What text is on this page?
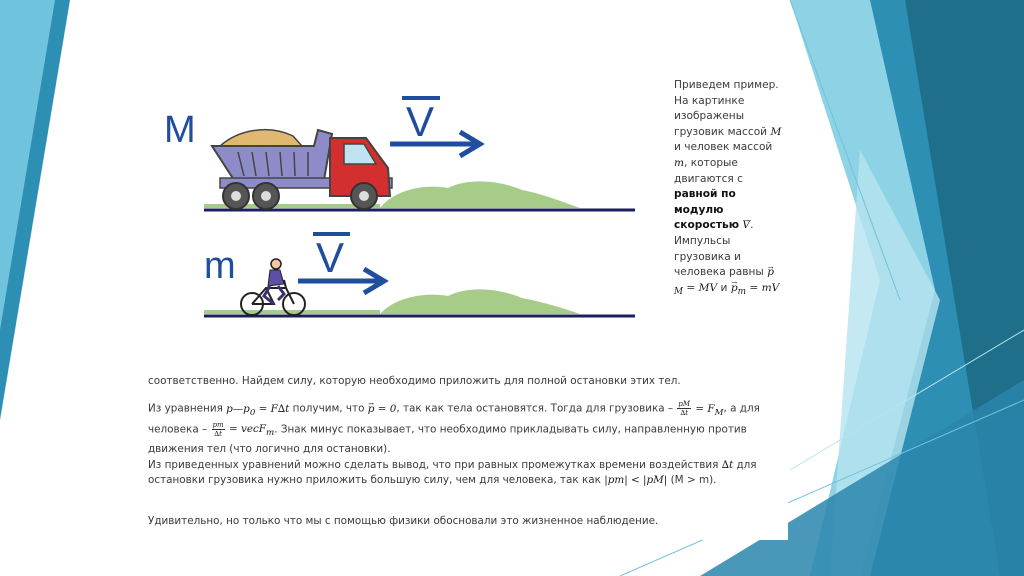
M	V
m V
Приведем пример. На картинке изображены грузовик массой M и человек массой m, которые двигаются с равной по модулю скоростью → V. Импульсы грузовика и человека равны → $p_M$ = MV $и \to p_m$ = mV
соответственно. Найдем силу, которую необходимо приложить для полной остановки этих тел.
Из уравнения $p—p_0 = F\Delta t$ получим, что → p = 0, так как тела остановятся. Тогда для грузовика – $\frac{pM}{\Delta t} = F_M$, а для человека – $\frac{pm}{\Delta t}$ = vecF$_m$. Знак минус показывает, что необходимо прикладывать силу, направленную против движения тел (что логично для остановки).
Из приведенных уравнений можно сделать вывод, что при равных промежутках времени воздействия ∆t для остановки грузовика нужно приложить большую силу, чем для человека, так как |pm| < |pM| (M > m).
Удивительно, но только что мы с помощью физики обосновали это жизненное наблюдение.
